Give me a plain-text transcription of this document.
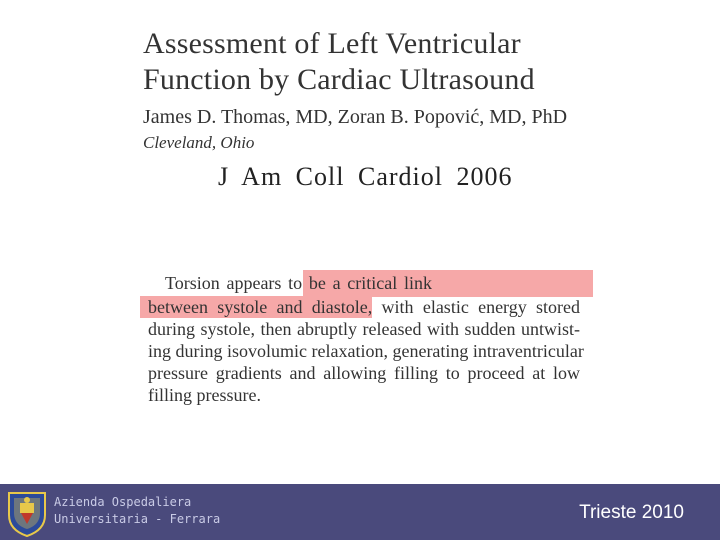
Assessment of Left Ventricular
Function by Cardiac Ultrasound
James D. Thomas, MD, Zoran B. Popović, MD, PhD
Cleveland, Ohio
J Am Coll Cardiol 2006
Torsion appears to be a critical link
between systole and diastole, with elastic energy stored
during systole, then abruptly released with sudden untwist-
ing during isovolumic relaxation, generating intraventricular
pressure gradients and allowing filling to proceed at low
filling pressure.
Azienda Ospedaliera
Universitaria - Ferrara	Trieste 2010
